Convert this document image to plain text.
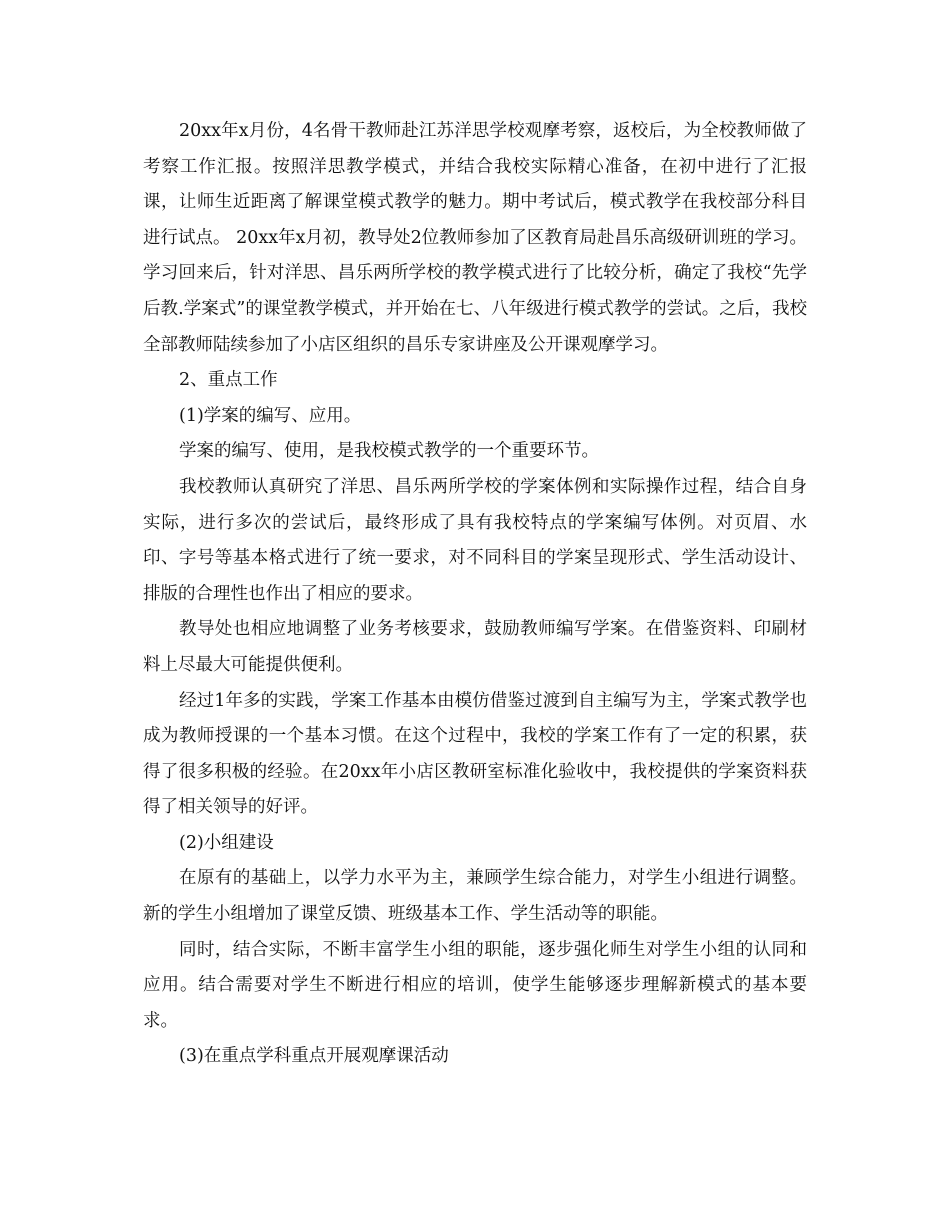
20xx年x月份，4名骨干教师赴江苏洋思学校观摩考察，返校后，为全校教师做了考察工作汇报。按照洋思教学模式，并结合我校实际精心准备，在初中进行了汇报课，让师生近距离了解课堂模式教学的魅力。期中考试后，模式教学在我校部分科目进行试点。 20xx年x月初，教导处2位教师参加了区教育局赴昌乐高级研训班的学习。学习回来后，针对洋思、昌乐两所学校的教学模式进行了比较分析，确定了我校“先学后教.学案式”的课堂教学模式，并开始在七、八年级进行模式教学的尝试。之后，我校全部教师陆续参加了小店区组织的昌乐专家讲座及公开课观摩学习。

2、重点工作

(1)学案的编写、应用。

学案的编写、使用，是我校模式教学的一个重要环节。

我校教师认真研究了洋思、昌乐两所学校的学案体例和实际操作过程，结合自身实际，进行多次的尝试后，最终形成了具有我校特点的学案编写体例。对页眉、水印、字号等基本格式进行了统一要求，对不同科目的学案呈现形式、学生活动设计、排版的合理性也作出了相应的要求。

教导处也相应地调整了业务考核要求，鼓励教师编写学案。在借鉴资料、印刷材料上尽最大可能提供便利。

经过1年多的实践，学案工作基本由模仿借鉴过渡到自主编写为主，学案式教学也成为教师授课的一个基本习惯。在这个过程中，我校的学案工作有了一定的积累，获得了很多积极的经验。在20xx年小店区教研室标准化验收中，我校提供的学案资料获得了相关领导的好评。

(2)小组建设

在原有的基础上，以学力水平为主，兼顾学生综合能力，对学生小组进行调整。新的学生小组增加了课堂反馈、班级基本工作、学生活动等的职能。

同时，结合实际，不断丰富学生小组的职能，逐步强化师生对学生小组的认同和应用。结合需要对学生不断进行相应的培训，使学生能够逐步理解新模式的基本要求。

(3)在重点学科重点开展观摩课活动
